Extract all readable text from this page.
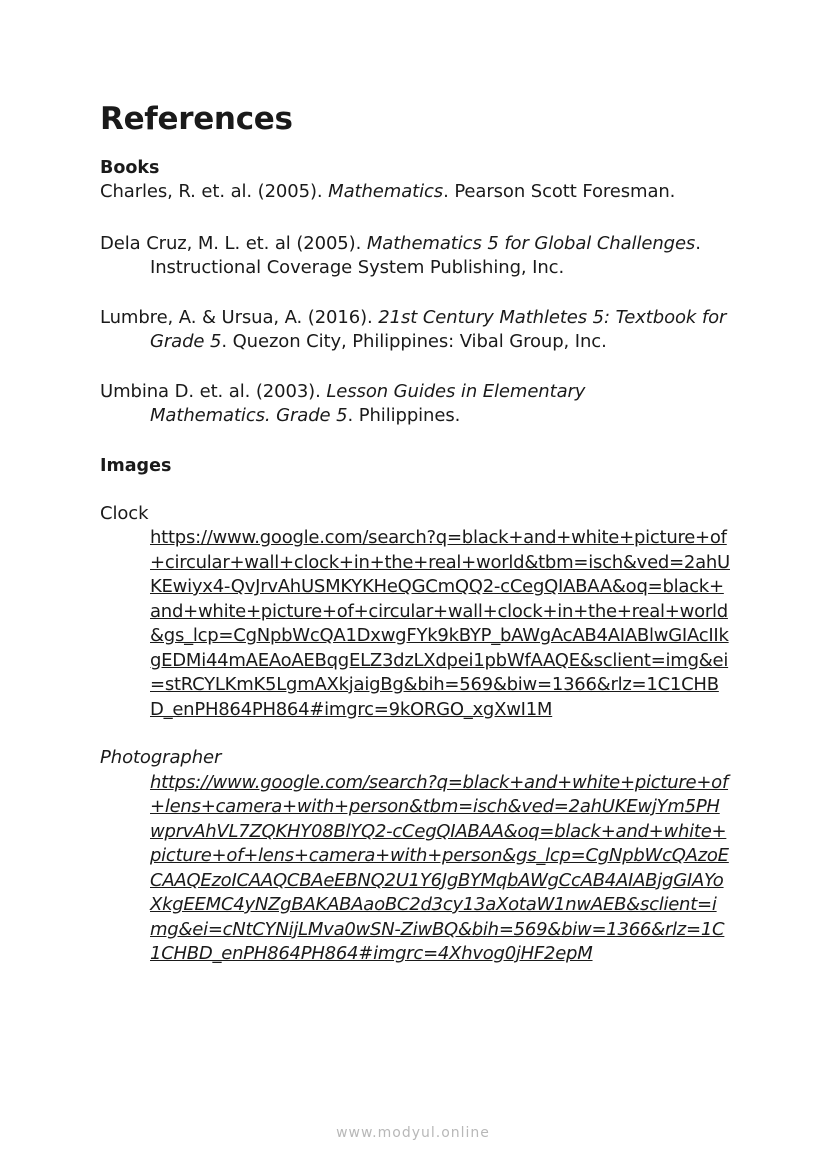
References
Books
Charles, R. et. al. (2005). Mathematics. Pearson Scott Foresman.
Dela Cruz, M. L. et. al (2005). Mathematics 5 for Global Challenges. Instructional Coverage System Publishing, Inc.
Lumbre, A. & Ursua, A. (2016). 21st Century Mathletes 5: Textbook for Grade 5. Quezon City, Philippines: Vibal Group, Inc.
Umbina D. et. al. (2003). Lesson Guides in Elementary Mathematics. Grade 5. Philippines.
Images
Clock
https://www.google.com/search?q=black+and+white+picture+of+circular+wall+clock+in+the+real+world&tbm=isch&ved=2ahUKEwiyx4-QvJrvAhUSMKYKHeQGCmQQ2-cCegQIABAA&oq=black+and+white+picture+of+circular+wall+clock+in+the+real+world&gs_lcp=CgNpbWcQA1DxwgFYk9kBYP_bAWgAcAB4AIABlwGIAcIIkgEDMi44mAEAoAEBqgELZ3dzLXdpei1pbWfAAQE&sclient=img&ei=stRCYLKmK5LgmAXkjaigBg&bih=569&biw=1366&rlz=1C1CHBD_enPH864PH864#imgrc=9kORGO_xgXwI1M
Photographer
https://www.google.com/search?q=black+and+white+picture+of+lens+camera+with+person&tbm=isch&ved=2ahUKEwjYm5PHwprvAhVL7ZQKHY08BlYQ2-cCegQIABAA&oq=black+and+white+picture+of+lens+camera+with+person&gs_lcp=CgNpbWcQAzoECAAQEzoICAAQCBAeEBNQ2U1Y6JgBYMqbAWgCcAB4AIABjgGIAYoXkgEEMC4yNZgBAKABAaoBC2d3cy13aXotaW1nwAEB&sclient=img&ei=cNtCYNijLMva0wSN-ZiwBQ&bih=569&biw=1366&rlz=1C1CHBD_enPH864PH864#imgrc=4Xhvog0jHF2epM
www.modyul.online
